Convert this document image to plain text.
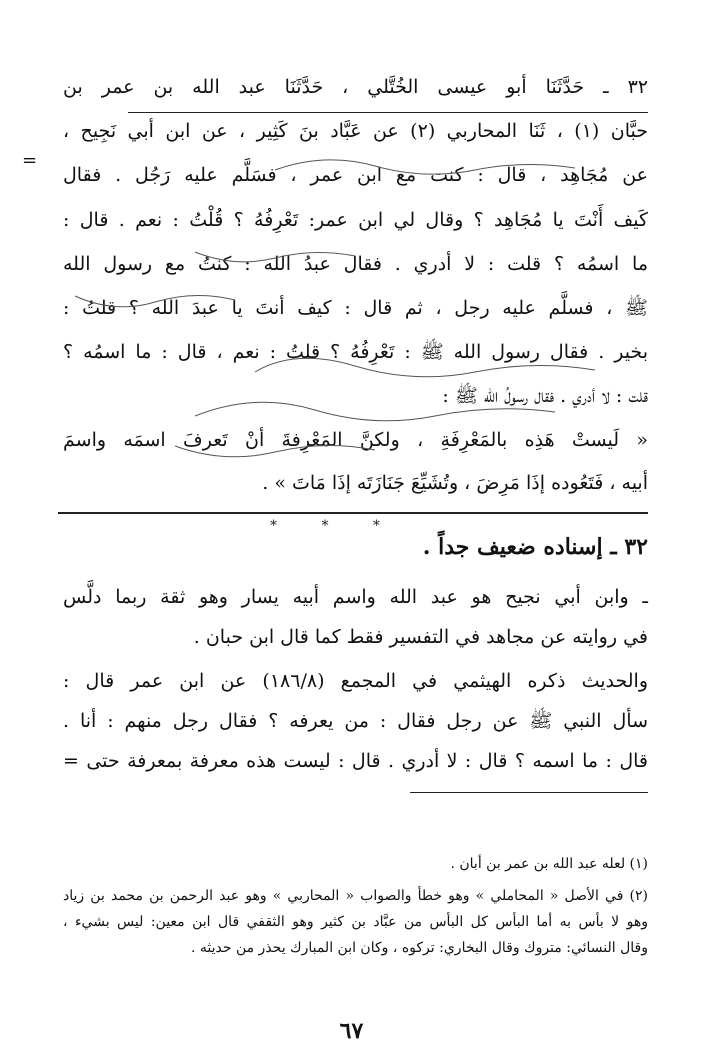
٣٢ ـ حَدَّثَنَا أبو عيسى الخُتَّلي ، حَدَّثَنَا عبد الله بن عمر بن
حبَّان (١) ، ثَنَا المحاربي (٢) عن عَبَّاد بنَ كَثِير ، عن ابن أبي نَجِيح ،
عن مُجَاهِد ، قال : كنت مع ابن عمر ، فسَلَّم عليه رَجُل . فقال
كَيف أَنْتَ يا مُجَاهِد ؟ وقال لي ابن عمر: تَعْرِفُهُ ؟ قُلْتُ : نعم . قال :
ما اسمُه ؟ قلت : لا أدري . فقال عبدُ الله : كنتُ مع رسول الله
ﷺ ، فسلَّم عليه رجل ، ثم قال : كيف أنتَ يا عبدَ الله ؟ قلتُ :
بخير . فقال رسول الله ﷺ : تَعْرِفُهُ ؟ قلتُ : نعم ، قال : ما اسمُه ؟
قلت : لا أدري . فقال رسولُ الله ﷺ :
« لَيستْ هَذِه بالمَعْرِفَةِ ، ولكنَّ المَعْرِفةَ أنْ تَعرفَ اسمَه واسمَ
أبيه ، فَتَعُوده إذَا مَرِضَ ، وتُشَيِّعَ جَنَازَتَه إذَا مَاتَ » .
=
* * *
٣٢ ـ إسناده ضعيف جداً .
ـ وابن أبي نجيح هو عبد الله واسم أبيه يسار وهو ثقة ربما دلَّس
في روايته عن مجاهد في التفسير فقط كما قال ابن حبان .
والحديث ذكره الهيثمي في المجمع (١٨٦/٨) عن ابن عمر قال :
سأل النبي ﷺ عن رجل فقال : من يعرفه ؟ فقال رجل منهم : أنا .
قال : ما اسمه ؟ قال : لا أدري . قال : ليست هذه معرفة بمعرفة حتى =
(١) لعله عبد الله بن عمر بن أبان .
(٢) في الأصل « المحاملي » وهو خطأ والصواب « المحاربي » وهو عبد الرحمن بن محمد بن زياد
وهو لا بأس به أما البأس كل البأس من عبَّاد بن كثير وهو الثقفي قال ابن معين: ليس بشيء ،
وقال النسائي: متروك وقال البخاري: تركوه ، وكان ابن المبارك يحذر من حديثه .
٦٧
